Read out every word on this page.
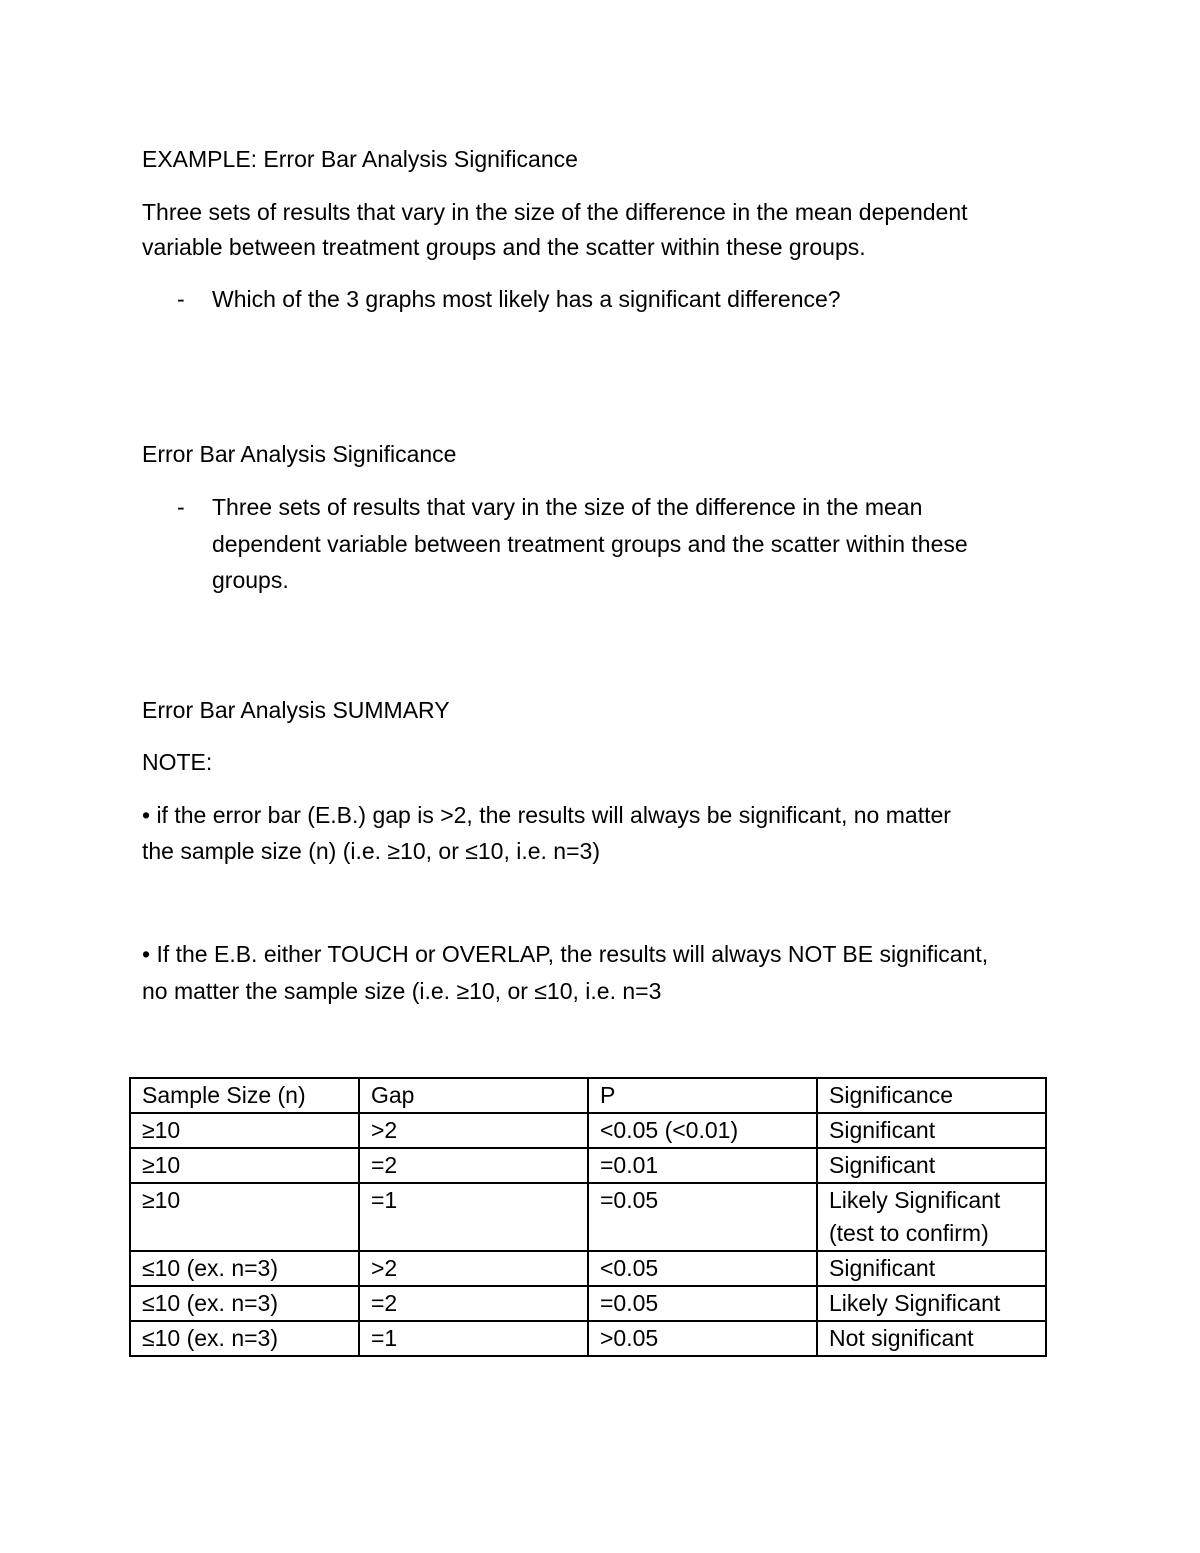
EXAMPLE: Error Bar Analysis Significance
Three sets of results that vary in the size of the difference in the mean dependent
variable between treatment groups and the scatter within these groups.
- Which of the 3 graphs most likely has a significant difference?
Error Bar Analysis Significance
- Three sets of results that vary in the size of the difference in the mean
dependent variable between treatment groups and the scatter within these
groups.
Error Bar Analysis SUMMARY
NOTE:
• if the error bar (E.B.) gap is >2, the results will always be significant, no matter
the sample size (n) (i.e. ≥10, or ≤10, i.e. n=3)
• If the E.B. either TOUCH or OVERLAP, the results will always NOT BE significant,
no matter the sample size (i.e. ≥10, or ≤10, i.e. n=3
Sample Size (n)	Gap	P	Significance
≥10	>2	<0.05 (<0.01)	Significant
≥10	=2	=0.01	Significant
≥10	=1	=0.05	Likely Significant
(test to confirm)

≤10 (ex. n=3)	>2	<0.05	Significant
≤10 (ex. n=3)	=2	=0.05	Likely Significant
≤10 (ex. n=3)	=1	>0.05	Not significant
